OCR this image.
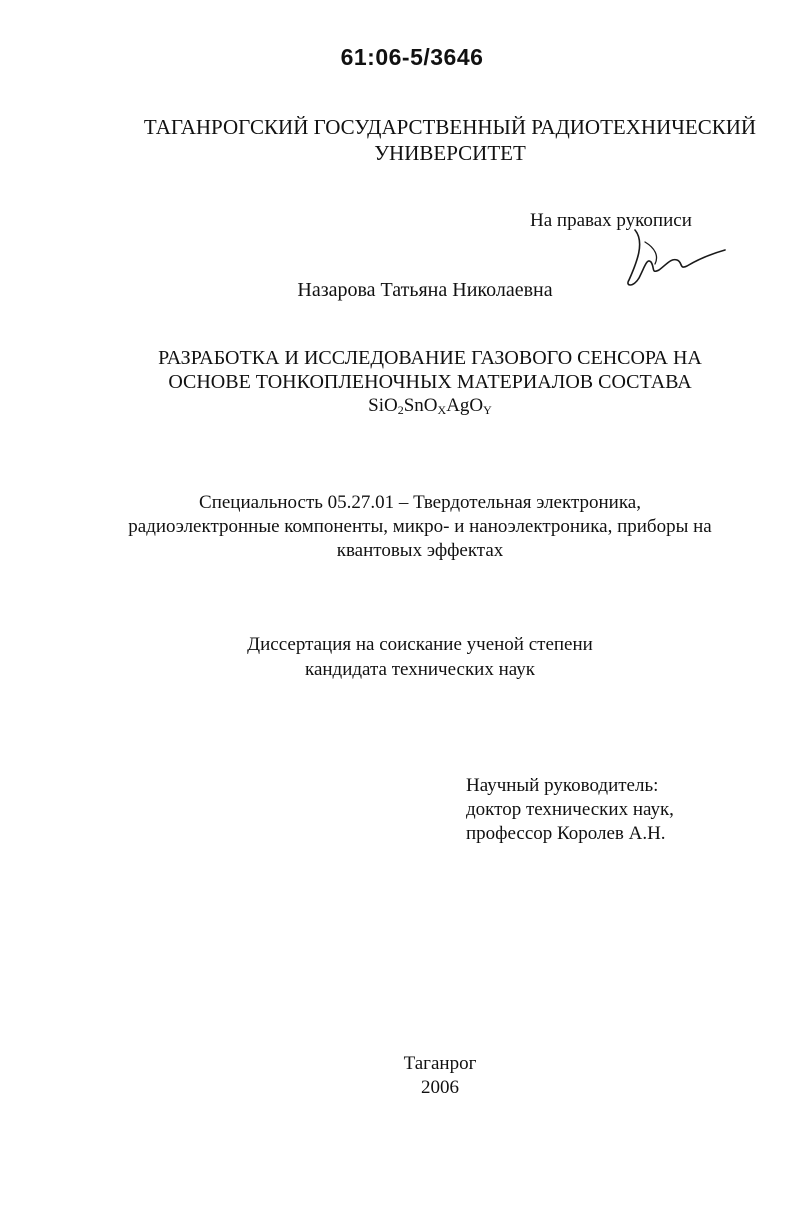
61:06-5/3646
ТАГАНРОГСКИЙ ГОСУДАРСТВЕННЫЙ РАДИОТЕХНИЧЕСКИЙ
УНИВЕРСИТЕТ
На правах рукописи
Назарова Татьяна Николаевна
РАЗРАБОТКА И ИССЛЕДОВАНИЕ ГАЗОВОГО СЕНСОРА НА
ОСНОВЕ ТОНКОПЛЕНОЧНЫХ МАТЕРИАЛОВ СОСТАВА
SiO$_2$SnO$_X$AgO$_Y$
Специальность 05.27.01 – Твердотельная электроника,
радиоэлектронные компоненты, микро- и наноэлектроника, приборы на
квантовых эффектах
Диссертация на соискание ученой степени
кандидата технических наук
Научный руководитель:
доктор технических наук,
профессор Королев А.Н.
Таганрог
2006
